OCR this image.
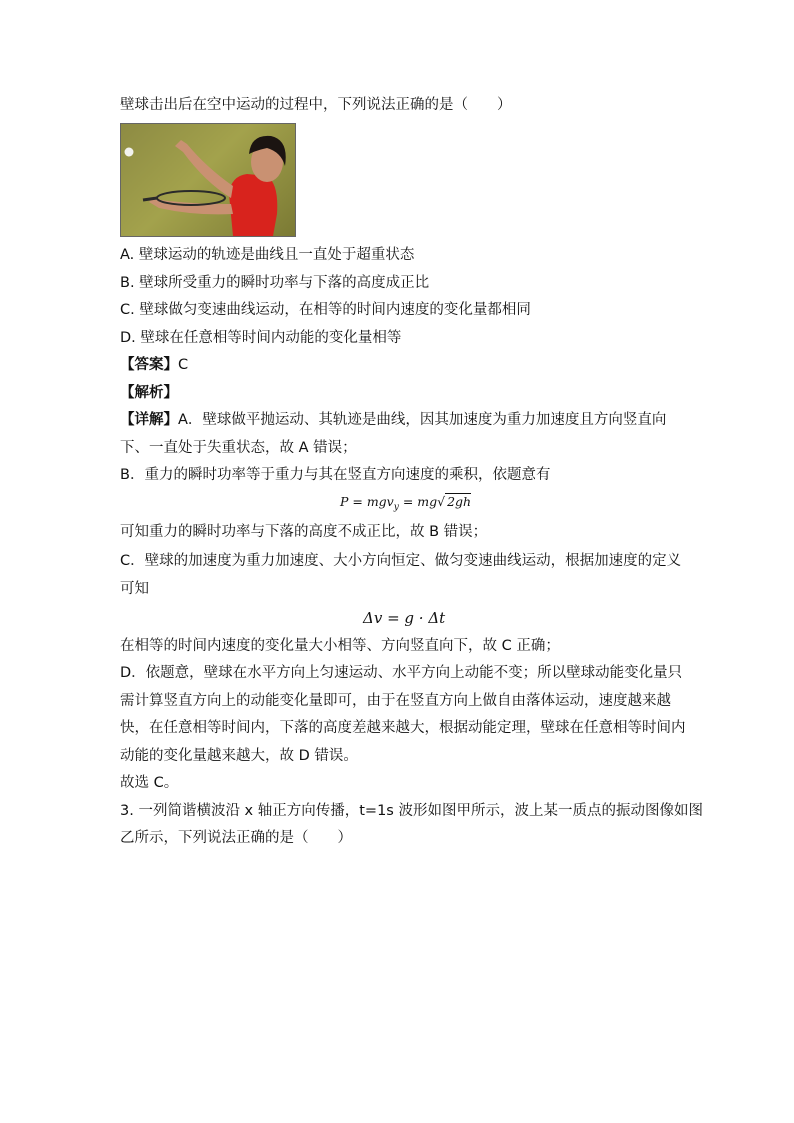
壁球击出后在空中运动的过程中，下列说法正确的是（　　）
A. 壁球运动的轨迹是曲线且一直处于超重状态
B. 壁球所受重力的瞬时功率与下落的高度成正比
C. 壁球做匀变速曲线运动，在相等的时间内速度的变化量都相同
D. 壁球在任意相等时间内动能的变化量相等
【答案】C
【解析】
【详解】A．壁球做平抛运动、其轨迹是曲线，因其加速度为重力加速度且方向竖直向
下、一直处于失重状态，故 A 错误；
B．重力的瞬时功率等于重力与其在竖直方向速度的乘积，依题意有
P = mgv$_y$ = mg√ 2gh
可知重力的瞬时功率与下落的高度不成正比，故 B 错误；
C．壁球的加速度为重力加速度、大小方向恒定、做匀变速曲线运动，根据加速度的定义
可知
Δv = g · Δt
在相等的时间内速度的变化量大小相等、方向竖直向下，故 C 正确；
D．依题意，壁球在水平方向上匀速运动、水平方向上动能不变；所以壁球动能变化量只
需计算竖直方向上的动能变化量即可，由于在竖直方向上做自由落体运动，速度越来越
快，在任意相等时间内，下落的高度差越来越大，根据动能定理，壁球在任意相等时间内
动能的变化量越来越大，故 D 错误。
故选 C。
3. 一列简谐横波沿 x 轴正方向传播，t=1s 波形如图甲所示，波上某一质点的振动图像如图
乙所示，下列说法正确的是（　　）
